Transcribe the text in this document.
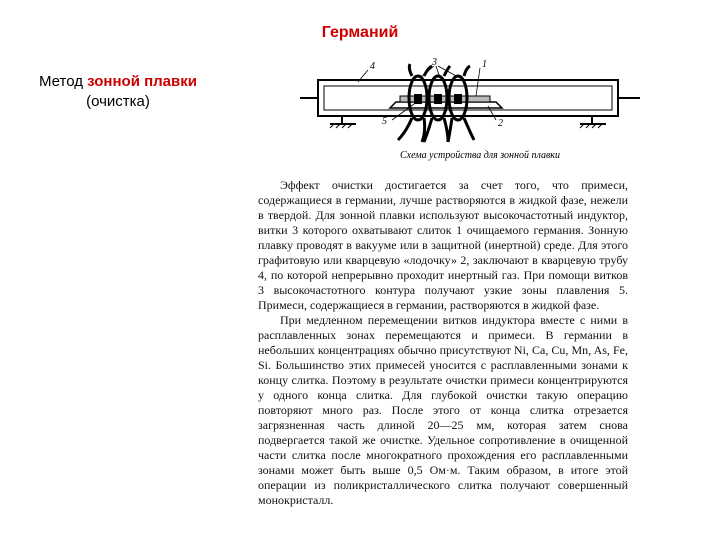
Германий
Метод зонной плавки
(очистка)
4	3	1
5	2
Схема устройства для зонной плавки

Эффект очистки достигается за счет того, что примеси, содержащиеся в германии, лучше растворяются в жидкой фазе, нежели в твердой. Для зонной плавки используют высокочастотный индуктор, витки 3 которого охватывают слиток 1 очищаемого германия. Зонную плавку проводят в вакууме или в защитной (инертной) среде. Для этого графитовую или кварцевую «лодочку» 2, заключают в кварцевую трубу 4, по которой непрерывно проходит инертный газ. При помощи витков 3 высокочастотного контура получают узкие зоны плавления 5. Примеси, содержащиеся в германии, растворяются в жидкой фазе.

При медленном перемещении витков индуктора вместе с ними в расплавленных зонах перемещаются и примеси. В германии в небольших концентрациях обычно присутствуют Ni, Ca, Cu, Mn, As, Fe, Si. Большинство этих примесей уносится с расплавленными зонами к концу слитка. Поэтому в результате очистки примеси концентрируются у одного конца слитка. Для глубокой очистки такую операцию повторяют много раз. После этого от конца слитка отрезается загрязненная часть длиной 20—25 мм, которая затем снова подвергается такой же очистке. Удельное сопротивление в очищенной части слитка после многократного прохождения его расплавленными зонами может быть выше 0,5 Ом·м. Таким образом, в итоге этой операции из поликристаллического слитка получают совершенный монокристалл.
